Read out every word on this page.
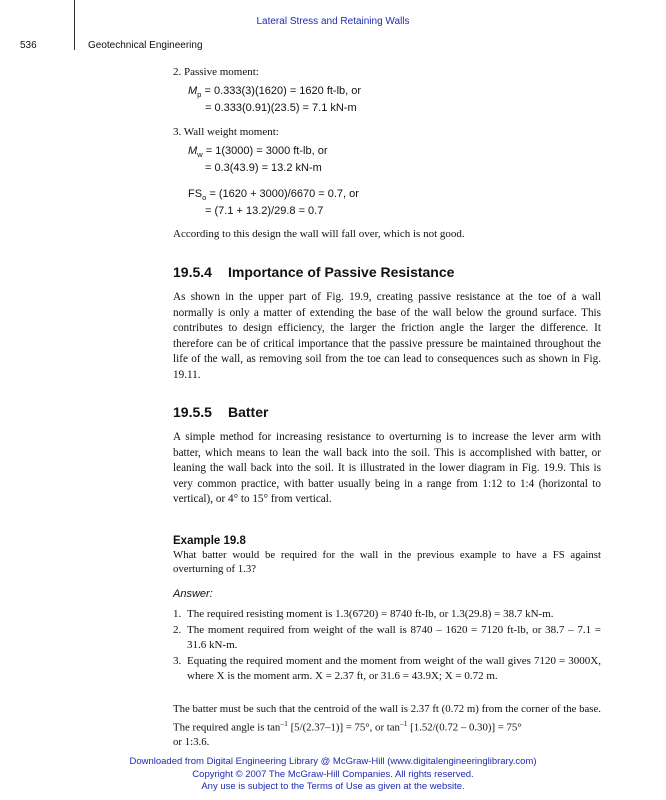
Lateral Stress and Retaining Walls
536	Geotechnical Engineering
2. Passive moment:
$M_p = 0.333(3)(1620) = 1620$ ft-lb, or
= 0.333(0.91)(23.5) = 7.1 kN-m
3. Wall weight moment:
$M_w = 1(3000) = 3000$ ft-lb, or
= 0.3(43.9) = 13.2 kN-m
$FS_o = (1620 + 3000)/6670 = 0.7$, or
= (7.1 + 13.2)/29.8 = 0.7
According to this design the wall will fall over, which is not good.
19.5.4 Importance of Passive Resistance
As shown in the upper part of Fig. 19.9, creating passive resistance at the toe of a wall normally is only a matter of extending the base of the wall below the ground surface. This contributes to design efficiency, the larger the friction angle the larger the difference. It therefore can be of critical importance that the passive pressure be maintained throughout the life of the wall, as removing soil from the toe can lead to consequences such as shown in Fig. 19.11.
19.5.5 Batter
A simple method for increasing resistance to overturning is to increase the lever arm with batter, which means to lean the wall back into the soil. This is accomplished with batter, or leaning the wall back into the soil. It is illustrated in the lower diagram in Fig. 19.9. This is very common practice, with batter usually being in a range from 1:12 to 1:4 (horizontal to vertical), or 4° to 15° from vertical.
Example 19.8
What batter would be required for the wall in the previous example to have a FS against overturning of 1.3?
Answer:
1. The required resisting moment is 1.3(6720) = 8740 ft-lb, or 1.3(29.8) = 38.7 kN-m.
2. The moment required from weight of the wall is 8740 – 1620 = 7120 ft-lb, or 38.7 – 7.1 = 31.6 kN-m.
3. Equating the required moment and the moment from weight of the wall gives 7120 = 3000X, where X is the moment arm. X = 2.37 ft, or 31.6 = 43.9X; X = 0.72 m.
The batter must be such that the centroid of the wall is 2.37 ft (0.72 m) from the corner of the base. The required angle is $\tan^{-1} [5/(2.37-1)] = 75^\circ$, or $\tan^{-1} [1.52/(0.72 - 0.30)] = 75^\circ$
or 1:3.6.
Downloaded from Digital Engineering Library @ McGraw-Hill (www.digitalengineeringlibrary.com)
Copyright © 2007 The McGraw-Hill Companies. All rights reserved.
Any use is subject to the Terms of Use as given at the website.
